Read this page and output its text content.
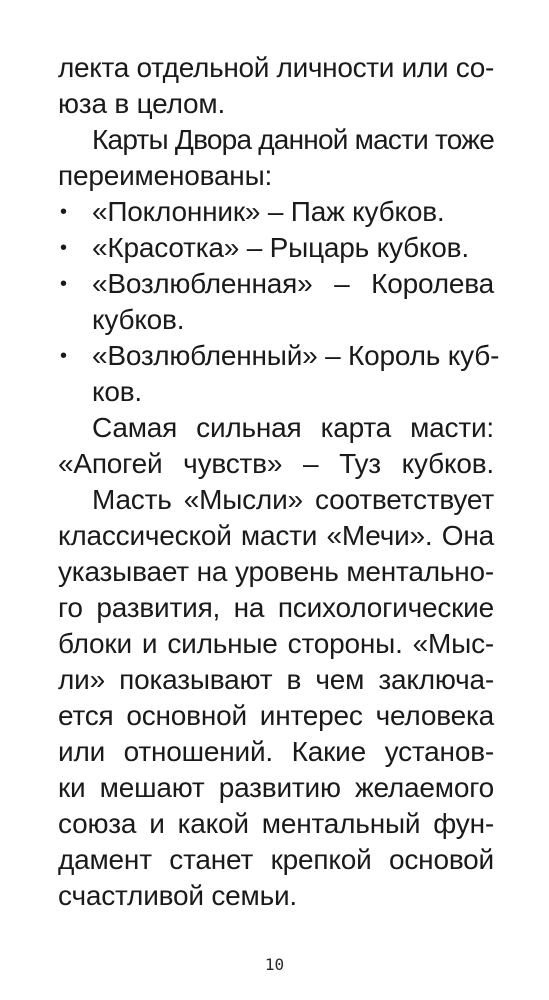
лекта отдельной личности или со-
юза в целом.
Карты Двора данной масти тоже
переименованы:
• «Поклонник» – Паж кубков.
• «Красотка» – Рыцарь кубков.
• «Возлюбленная» – Королева
кубков.
• «Возлюбленный» – Король куб-
ков.
Самая сильная карта масти:
«Апогей чувств» – Туз кубков.
Масть «Мысли» соответствует
классической масти «Мечи». Она
указывает на уровень ментально-
го развития, на психологические
блоки и сильные стороны. «Мыс-
ли» показывают в чем заключа-
ется основной интерес человека
или отношений. Какие установ-
ки мешают развитию желаемого
союза и какой ментальный фун-
дамент станет крепкой основой
счастливой семьи.
10
